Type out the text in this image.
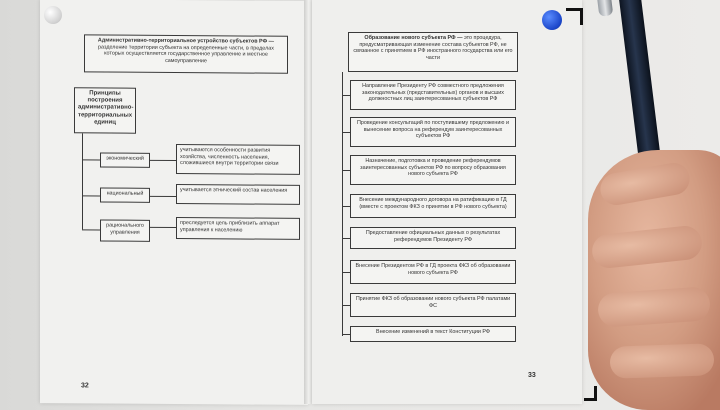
Административно-территориальное устройство субъектов РФ — разделение территории субъекта на определенные части, в пределах которых осуществляется государственное управление и местное самоуправление
Принципы построения административно-территориальных единиц
экономический
учитываются особенности развития хозяйства, численность населения, сложившиеся внутри территории связи
национальный	учитывается этнический состав населения
рационального управления
преследуется цель приблизить аппарат управления к населению
32
Образование нового субъекта РФ — это процедура, предусматривающая изменение состава субъектов РФ, не связанное с принятием в РФ иностранного государства или его части
Направление Президенту РФ совместного предложения законодательных (представительных) органов и высших должностных лиц заинтересованных субъектов РФ
Проведение консультаций по поступившему предложению и вынесение вопроса на референдум заинтересованных субъектов РФ
Назначение, подготовка и проведение референдумов заинтересованных субъектов РФ по вопросу образования нового субъекта РФ
Внесение международного договора на ратификацию в ГД (вместе с проектом ФКЗ о принятии в РФ нового субъекта)
Предоставление официальных данных о результатах референдумов Президенту РФ
Внесение Президентом РФ в ГД проекта ФКЗ об образовании нового субъекта РФ
Принятие ФКЗ об образовании нового субъекта РФ палатами ФС
Внесение изменений в текст Конституции РФ
33
